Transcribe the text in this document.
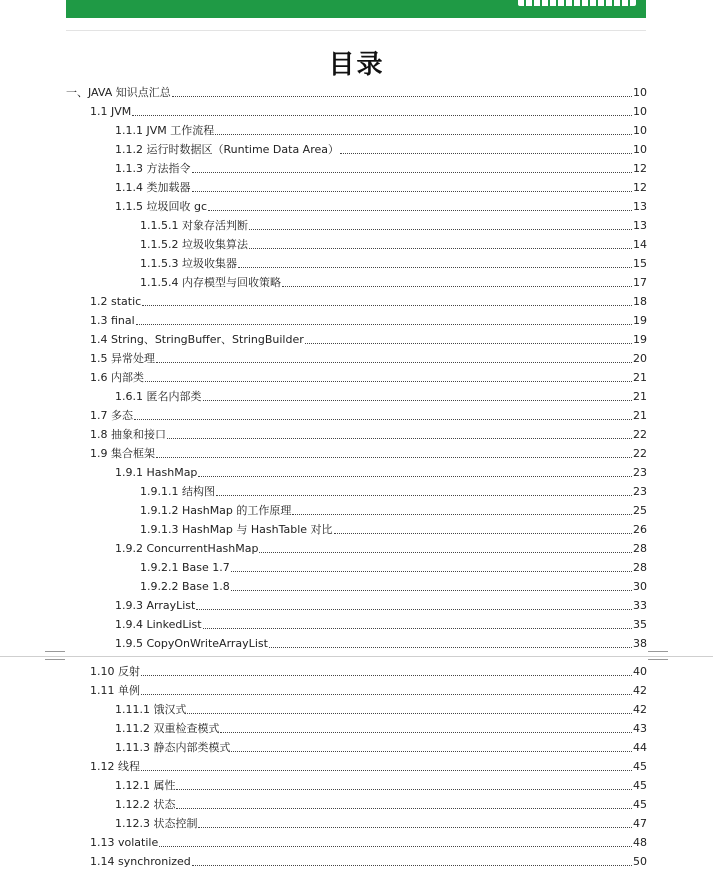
目录
一、JAVA 知识点汇总	10
1.1 JVM	10
1.1.1 JVM 工作流程	10
1.1.2 运行时数据区（Runtime Data Area）	10
1.1.3 方法指令	12
1.1.4 类加载器	12
1.1.5 垃圾回收 gc	13
1.1.5.1 对象存活判断	13
1.1.5.2 垃圾收集算法	14
1.1.5.3 垃圾收集器	15
1.1.5.4 内存模型与回收策略	17
1.2 static	18
1.3 final	19
1.4 String、StringBuffer、StringBuilder	19
1.5 异常处理	20
1.6 内部类	21
1.6.1 匿名内部类	21
1.7 多态	21
1.8 抽象和接口	22
1.9 集合框架	22
1.9.1 HashMap	23
1.9.1.1 结构图	23
1.9.1.2 HashMap 的工作原理	25
1.9.1.3 HashMap 与 HashTable 对比	26
1.9.2 ConcurrentHashMap	28
1.9.2.1 Base 1.7	28
1.9.2.2 Base 1.8	30
1.9.3 ArrayList	33
1.9.4 LinkedList	35
1.9.5 CopyOnWriteArrayList	38
1.10 反射	40
1.11 单例	42
1.11.1 饿汉式	42
1.11.2 双重检查模式	43
1.11.3 静态内部类模式	44
1.12 线程	45
1.12.1 属性	45
1.12.2 状态	45
1.12.3 状态控制	47
1.13 volatile	48
1.14 synchronized	50
